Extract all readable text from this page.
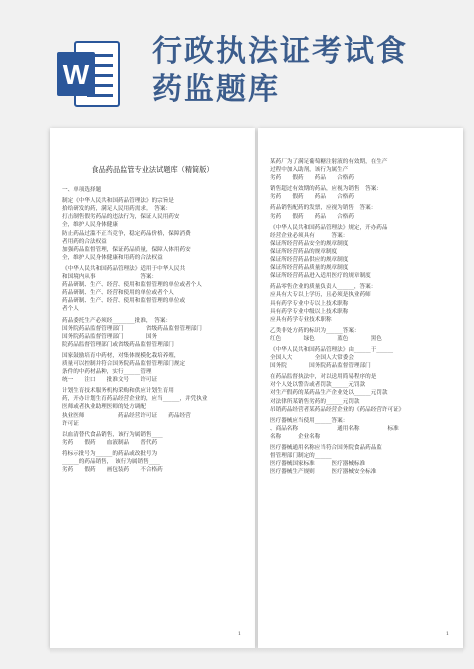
W
行政执法证考试食
药监题库
食品药品监管专业法试题库（精简版）
一、单项选择题
制定《中华人民共和国药品管理法》的宗旨是
拾给研发的药，满足人民用药需求。　答案：
打击制售假劣药品的违法行为，保证人民用药安
全，维护人民身体健康
防止药品过滥不正当竞争，稳定药品价格，保障消费
者用药的合法权益
加强药品监督管理，保证药品质量，保障人体用药安
全，维护人民身体健康和用药的合法权益
《中华人民共和国药品管理法》适用于中华人民共
和国境内从事　　　　　　　　答案：
药品研制、生产、经营、使用和监督管理的单位或者个人
药品研制、生产、经营和使用的单位或者个人
药品研制、生产、经营、使用和监督管理的单位或
者个人
药品委托生产必须经________批准，　答案：
国务院药品监督管理部门　　　　省级药品监督管理部门
国务院药品监督管理部门　　　　国务
院药品监督管理部门或省级药品监督管理部门
国家鼓励培育中药材，对集体规模化栽培养殖，
质量可以控制并符合国务院药品监督管理部门规定
条件的中药材品种，实行______管理
统一　　注口　　批准文号　　许可证
计划生育技术服务机构采购和供应计划生育用
药，开办计划生育药品经营企业的，应当______，并凭执业
医师或者执业助理医师的处方调配
执业医师　　　　　　药品经营许可证　　药品经营
许可证　　　　　　　
以血清替代食品销售，该行为属销售____
劣药　　假药　　血液制品　　普代药
将标示批号为______的药品或改批号为
______的药品销售，　该行为属销售____
劣药　　假药　　画包装药　　不合格药
1
某药厂为了满足葡萄糖注射液的有效期，在生产
过程中加入助剂，该行为属生产
劣药　　假药　　药品　　合格药
销售超过有效期的药品，应视为销售　答案：
劣药　　假药　　药品　　合格药
药品销售配药的发票，应视为销售　答案：
劣药　　假药　　药品　　合格药
《中华人民共和国药品管理法》规定，开办药品
经营企业必须具有　　　答案：
保证所经营药品安全的规章制度
保证所经营药品的规章制度
保证所经营药品供应的规章制度
保证所经营药品质量的规章制度
保证所经营药品进入适用医疗的规章制度
药品零售企业的质量负责人______，答案：
应具有大专以上学历，且必须是执业药师
具有药学专业中专以上技术职称
具有药学专业中级以上技术职称
应具有药学专业技术职称
乙类非处方药的标识为______答案：
红色　　　　绿色　　　　蓝色　　　　黑色
《中华人民共和国药品管理法》由______于______
全国人大　　　　全国人大常委会
国务院　　　　国务院药品监督管理部门
在药品监督执法中，对以送用简易程序的是
对个人处以警告或者罚款______元罚款
对生产假药的某药品生产企业处以______元罚款
对法律所某销售劣药的______元罚款
吊销药品经营者某药品经营企业的《药品经营许可证》
医疗器械应当使用______答案：
、商品名称　　　　　　　通用名称　　　　　标准
名称　　　企业名称
医疗器械通用名称应当符合国务院食品药品监
督管理部门制定的______
医疗器械国家标准　　　医疗器械标准
医疗器械生产规则　　　医疗器械安全标准
1
